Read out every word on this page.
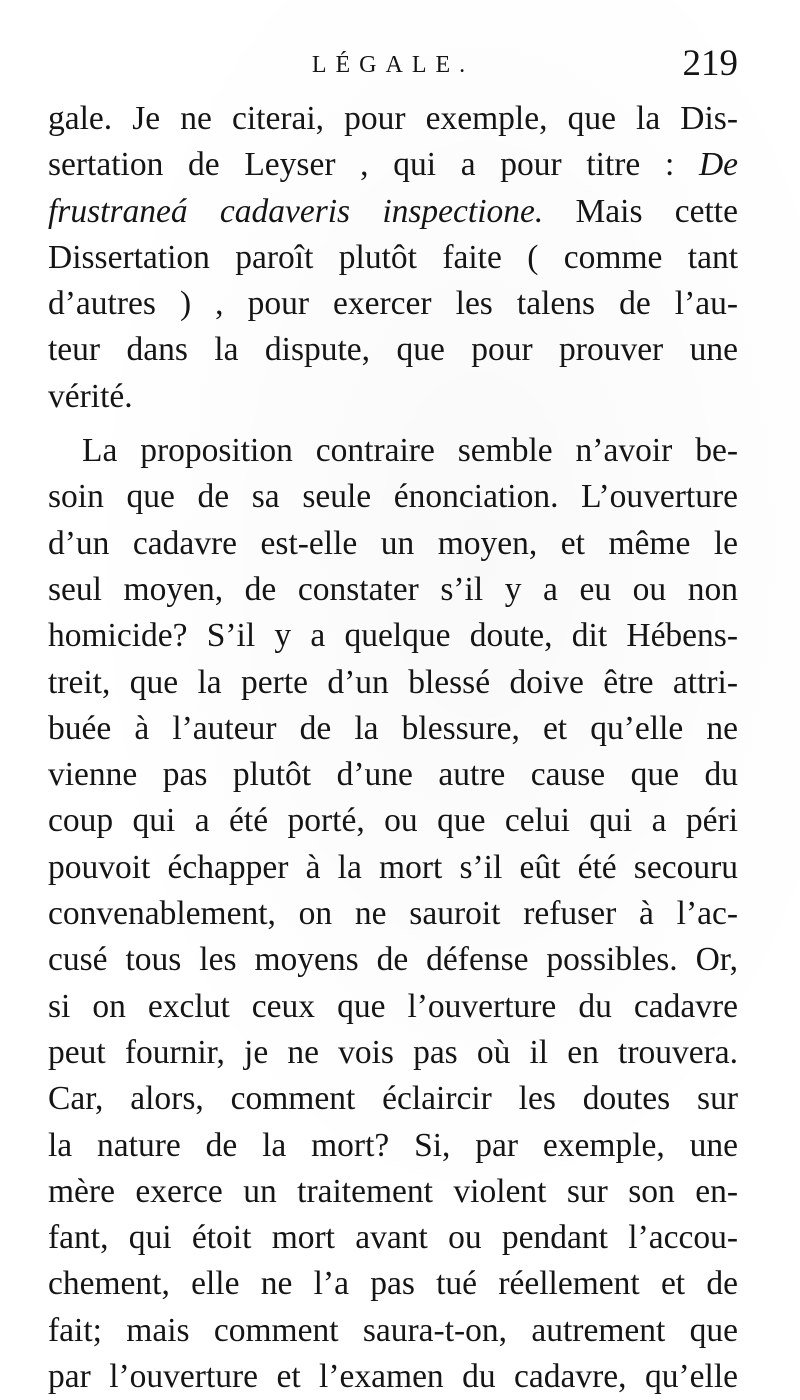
LÉGALE.	219
gale. Je ne citerai, pour exemple, que la Dis-
sertation de Leyser , qui a pour titre : De
frustraneá cadaveris inspectione. Mais cette
Dissertation paroît plutôt faite ( comme tant
d’autres ) , pour exercer les talens de l’au-
teur dans la dispute, que pour prouver une
vérité.
La proposition contraire semble n’avoir be-
soin que de sa seule énonciation. L’ouverture
d’un cadavre est-elle un moyen, et même le
seul moyen, de constater s’il y a eu ou non
homicide? S’il y a quelque doute, dit Hébens-
treit, que la perte d’un blessé doive être attri-
buée à l’auteur de la blessure, et qu’elle ne
vienne pas plutôt d’une autre cause que du
coup qui a été porté, ou que celui qui a péri
pouvoit échapper à la mort s’il eût été secouru
convenablement, on ne sauroit refuser à l’ac-
cusé tous les moyens de défense possibles. Or,
si on exclut ceux que l’ouverture du cadavre
peut fournir, je ne vois pas où il en trouvera.
Car, alors, comment éclaircir les doutes sur
la nature de la mort? Si, par exemple, une
mère exerce un traitement violent sur son en-
fant, qui étoit mort avant ou pendant l’accou-
chement, elle ne l’a pas tué réellement et de
fait; mais comment saura-t-on, autrement que
par l’ouverture et l’examen du cadavre, qu’elle
